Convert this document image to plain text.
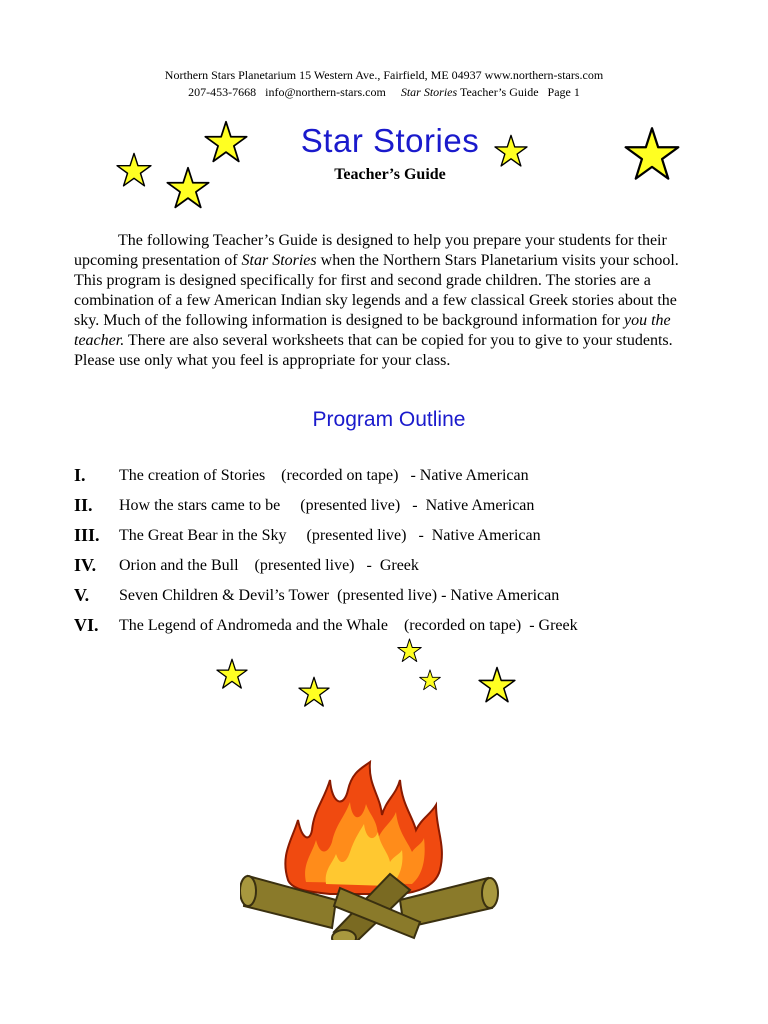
Northern Stars Planetarium 15 Western Ave., Fairfield, ME 04937 www.northern-stars.com
207-453-7668   info@northern-stars.com     Star Stories Teacher’s Guide   Page 1
Star Stories
Teacher’s Guide

The following Teacher’s Guide is designed to help you prepare your students for their upcoming presentation of Star Stories when the Northern Stars Planetarium visits your school. This program is designed specifically for first and second grade children. The stories are a combination of a few American Indian sky legends and a few classical Greek stories about the sky. Much of the following information is designed to be background information for you the teacher. There are also several worksheets that can be copied for you to give to your students. Please use only what you feel is appropriate for your class.

Program Outline
I. The creation of Stories    (recorded on tape)   - Native American
II. How the stars came to be     (presented live)   -  Native American
III. The Great Bear in the Sky     (presented live)   -  Native American
IV. Orion and the Bull    (presented live)   -  Greek
V. Seven Children & Devil’s Tower  (presented live) - Native American
VI. The Legend of Andromeda and the Whale    (recorded on tape)  - Greek
